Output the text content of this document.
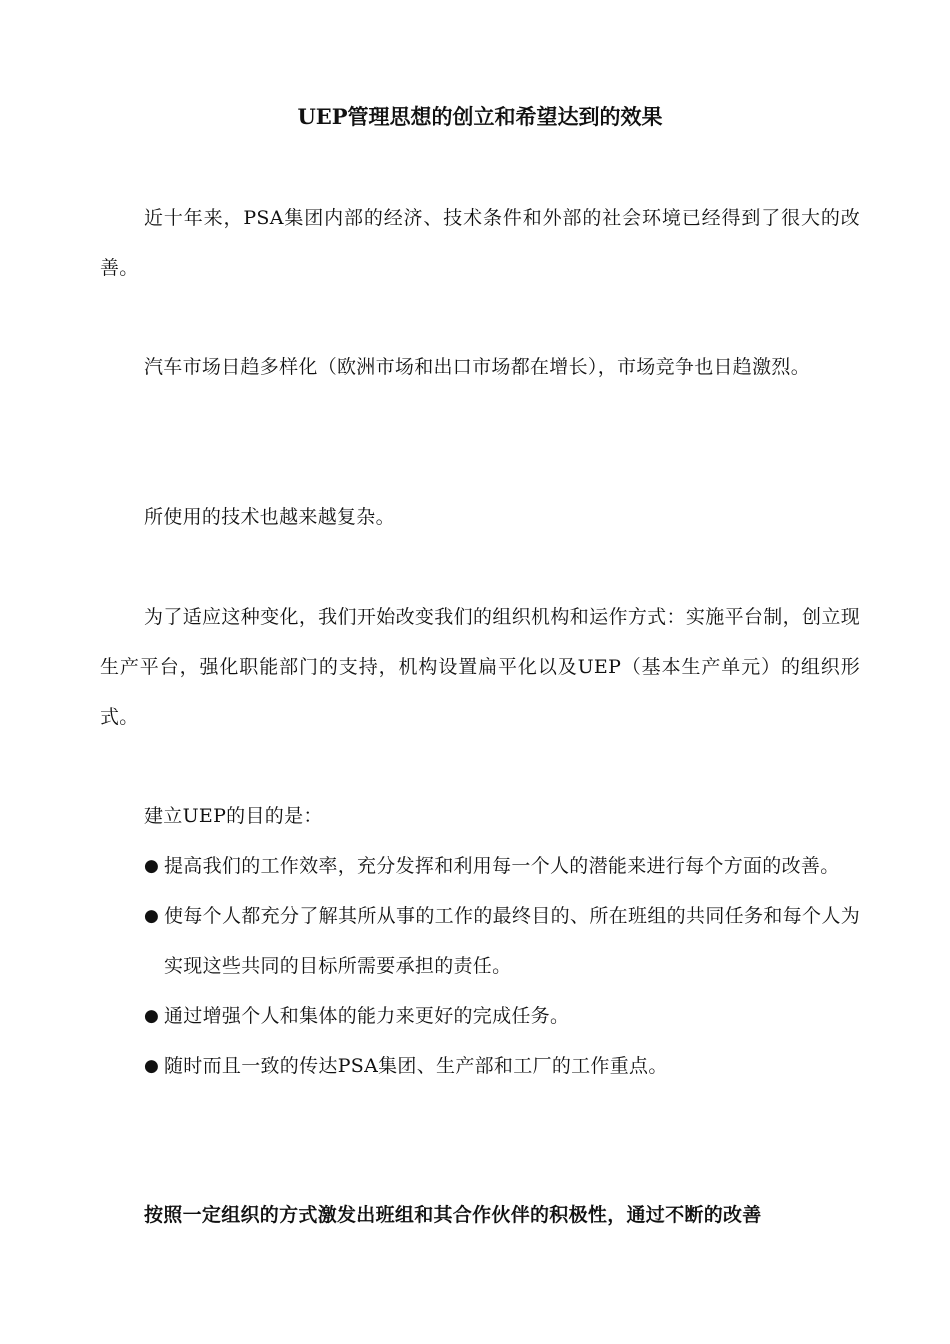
UEP管理思想的创立和希望达到的效果

近十年来，PSA集团内部的经济、技术条件和外部的社会环境已经得到了很大的改善。

汽车市场日趋多样化（欧洲市场和出口市场都在增长），市场竞争也日趋激烈。

所使用的技术也越来越复杂。

为了适应这种变化，我们开始改变我们的组织机构和运作方式：实施平台制，创立现生产平台，强化职能部门的支持，机构设置扁平化以及UEP（基本生产单元）的组织形式。

建立UEP的目的是：

● 提高我们的工作效率，充分发挥和利用每一个人的潜能来进行每个方面的改善。
● 使每个人都充分了解其所从事的工作的最终目的、所在班组的共同任务和每个人为实现这些共同的目标所需要承担的责任。
● 通过增强个人和集体的能力来更好的完成任务。
● 随时而且一致的传达PSA集团、生产部和工厂的工作重点。

按照一定组织的方式激发出班组和其合作伙伴的积极性，通过不断的改善
